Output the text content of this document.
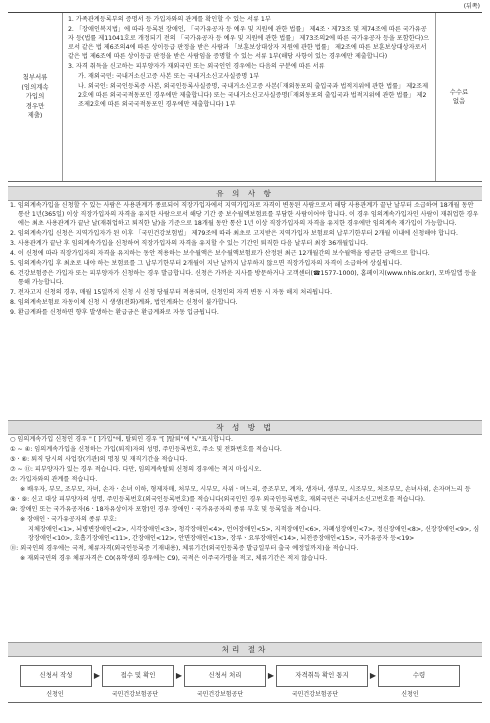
(뒤쪽)
첨부서류
(임의계속
가입의
경우만
제출)
1. 가족관계등록부의 증명서 등 가입자와의 관계를 확인할 수 있는 서류 1부
2. 「장애인복지법」에 따라 등록된 장애인, 「국가유공자 등 예우 및 지원에 관한 법률」 제4조ㆍ제73조 및 제74조에 따른 국가유공자 등(법률 제11041호로 개정되기 전의 「국가유공자 등 예우 및 지원에 관한 법률」 제73조의2에 따른 국가유공자 등을 포함한다)으로서 같은 법 제6조의4에 따른 상이등급 판정을 받은 사람과 「보훈보상대상자 지원에 관한 법률」 제2조에 따른 보훈보상대상자로서 같은 법 제6조에 따른 상이등급 판정을 받은 사람임을 증명할 수 있는 서류 1부(해당 사항이 있는 경우에만 제출합니다)
3. 자격 취득을 신고하는 피부양자가 재외국민 또는 외국인인 경우에는 다음의 구분에 따른 서류
가. 재외국민: 국내거소신고증 사본 또는 국내거소신고사실증명 1부
나. 외국인: 외국인등록증 사본, 외국인등록사실증명, 국내거소신고증 사본(「재외동포의 출입국과 법적지위에 관한 법률」 제2조제2호에 따른 외국국적동포인 경우에만 제출합니다) 또는 국내거소신고사실증명(「재외동포의 출입국과 법적지위에 관한 법률」 제2조제2호에 따른 외국국적동포인 경우에만 제출합니다) 1부
수수료
없음
유 의 사 항
1. 임의계속가입을 신청할 수 있는 사람은 사용관계가 종료되어 직장가입자에서 지역가입자로 자격이 변동된 사람으로서 해당 사용관계가 끝난 날부터 소급하여 18개월 동안 통산 1년(365일) 이상 직장가입자의 자격을 유지한 사람으로서 해당 기간 중 보수월액보험료를 부담한 사람이어야 합니다. 이 경우 임의계속가입자인 사람이 재취업한 경우에는 최초 사용관계가 끝난 날(재취업하고 퇴직한 날)을 기준으로 18개월 동안 통산 1년 이상 직장가입자의 자격을 유지한 경우에만 임의계속 재가입이 가능합니다.
2. 임의계속가입 신청은 지역가입자가 된 이후 「국민건강보험법」 제79조에 따라 최초로 고지받은 지역가입자 보험료의 납부기한부터 2개월 이내에 신청해야 합니다.
3. 사용관계가 끝난 후 임의계속가입을 신청하여 직장가입자의 자격을 유지할 수 있는 기간인 퇴직한 다음 날부터 최장 36개월입니다.
4. 이 신청에 따라 직장가입자의 자격을 유지하는 동안 적용하는 보수월액은 보수월액보험료가 산정된 최근 12개월간의 보수월액을 평균한 금액으로 합니다.
5. 임의계속가입 후 최초로 내야 하는 보험료를 그 납부기한부터 2개월이 지난 날까지 납부하지 않으면 직장가입자의 자격이 소급하여 상실됩니다.
6. 건강보험증은 가입자 또는 피부양자가 신청하는 경우 발급합니다. 신청은 가까운 지사를 방문하거나 고객센터(☎1577-1000), 홈페이지(www.nhis.or.kr), 모바일앱 등을 통해 가능합니다.
7. 전자고지 신청의 경우, 매월 15일까지 신청 시 신청 당월부터 적용되며, 신청인의 자격 변동 시 자동 해지 처리됩니다.
8. 임의계속보험료 자동이체 신청 시 생생(전화)계좌, 법인계좌는 신청이 불가합니다.
9. 환급계좌를 신청하면 향후 발생하는 환급금은 환급계좌로 자동 입금됩니다.
작 성 방 법
○ 임의계속가입 신청인 경우 " [ ]가입"에, 탈퇴인 경우 "[ ]탈퇴"에 "√"표시합니다.
① ~ ④: 임의계속가입을 신청하는 가입(퇴직)자의 성명, 주민등록번호, 주소 및 전화번호를 적습니다.
⑤ㆍ⑥: 퇴직 당시의 사업장(기관)의 명칭 및 재직기간을 적습니다.
⑦ ~ ⑪: 피부양자가 있는 경우 적습니다. 다만, 임의계속탈퇴 신청의 경우에는 적지 마십시오.
⑦: 가입자와의 관계를 적습니다.
※ 배우자, 부모, 조부모, 자녀, 손자ㆍ손녀 이하, 형제자매, 처부모, 시부모, 사위ㆍ며느리, 증조부모, 계자, 생자녀, 생부모, 시조부모, 처조부모, 손녀사위, 손자며느리 등
⑧ㆍ⑨: 신고 대상 피부양자의 성명, 주민등록번호(외국인등록번호)를 적습니다(외국인인 경우 외국인등록번호, 재외국민은 국내거소신고번호를 적습니다).
⑩: 장애인 또는 국가유공자(6ㆍ18자유상이자 포함)인 경우 장애인ㆍ국가유공자의 종류 부호 및 등록일을 적습니다.
※ 장애인ㆍ국가유공자의 종류 부호:
지체장애인<1>, 뇌병변장애인<2>, 시각장애인<3>, 청각장애인<4>, 언어장애인<5>, 지적장애인<6>, 자폐성장애인<7>, 정신장애인<8>, 신장장애인<9>, 심장장애인<10>, 호흡기장애인<11>, 간장애인<12>, 안면장애인<13>, 장루ㆍ요루장애인<14>, 뇌전증장애인<15>, 국가유공자 등<19>
⑪: 외국인의 경우에는 국적, 체류자격(외국인등록증 기재내용), 체류기간(외국인등록증 발급일부터 출국 예정일까지)을 적습니다.
※ 재외국민의 경우 체류자격은 C0(유학생의 경우에는 C9), 국적은 이주국가명을 적고, 체류기간은 적지 않습니다.
처리 절차
신청서 작성	▶	접수 및 확인	▶	신청서 처리	▶	자격취득 확인 통지	▶	수령
신청인	국민건강보험공단	국민건강보험공단	국민건강보험공단	신청인
